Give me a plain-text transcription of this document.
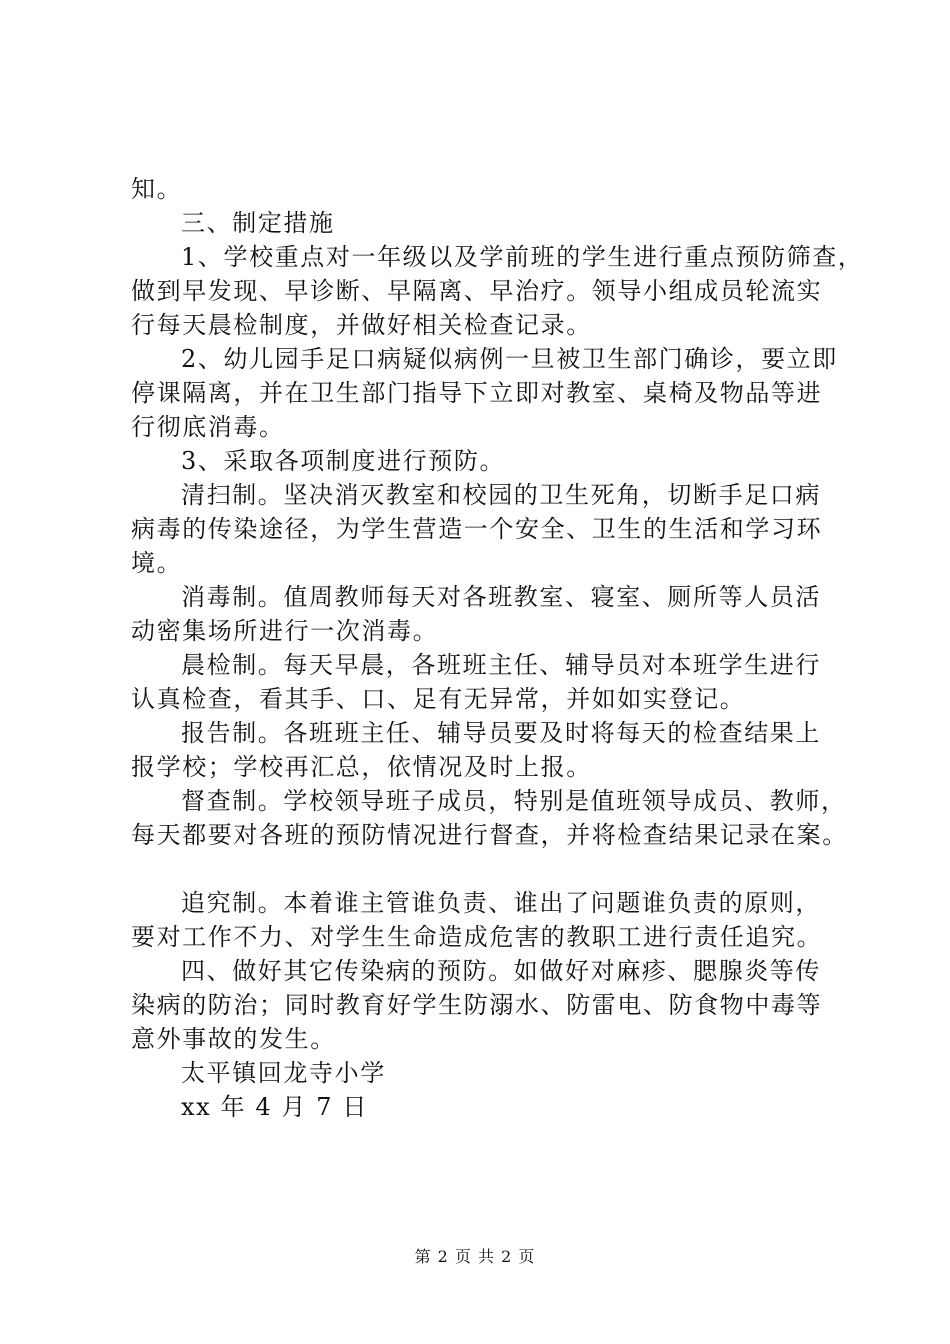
知。
三、制定措施
1、学校重点对一年级以及学前班的学生进行重点预防筛查，
做到早发现、早诊断、早隔离、早治疗。领导小组成员轮流实
行每天晨检制度，并做好相关检查记录。
2、幼儿园手足口病疑似病例一旦被卫生部门确诊，要立即
停课隔离，并在卫生部门指导下立即对教室、桌椅及物品等进
行彻底消毒。
3、采取各项制度进行预防。
清扫制。坚决消灭教室和校园的卫生死角，切断手足口病
病毒的传染途径，为学生营造一个安全、卫生的生活和学习环
境。
消毒制。值周教师每天对各班教室、寝室、厕所等人员活
动密集场所进行一次消毒。
晨检制。每天早晨，各班班主任、辅导员对本班学生进行
认真检查，看其手、口、足有无异常，并如如实登记。
报告制。各班班主任、辅导员要及时将每天的检查结果上
报学校；学校再汇总，依情况及时上报。
督查制。学校领导班子成员，特别是值班领导成员、教师，
每天都要对各班的预防情况进行督查，并将检查结果记录在案。
追究制。本着谁主管谁负责、谁出了问题谁负责的原则，
要对工作不力、对学生生命造成危害的教职工进行责任追究。
四、做好其它传染病的预防。如做好对麻疹、腮腺炎等传
染病的防治；同时教育好学生防溺水、防雷电、防食物中毒等
意外事故的发生。
太平镇回龙寺小学
xx 年 4 月 7 日
第 2 页 共 2 页
